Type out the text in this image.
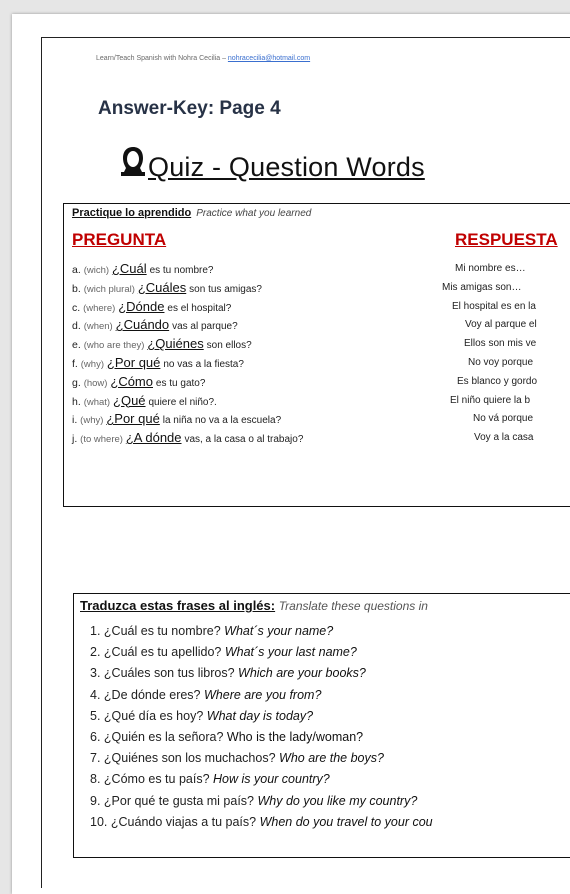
Learn/Teach Spanish with Nohra Cecilia – nohracecilia@hotmail.com
Answer-Key: Page 4
Quiz - Question Words
Practique lo aprendido Practice what you learned
PREGUNTA	RESPUESTA
a. (wich) ¿Cuál es tu nombre?	Mi nombre es…
b. (wich plural) ¿Cuáles son tus amigas?	Mis amigas son…
c. (where) ¿Dónde es el hospital?	El hospital es en la
d. (when) ¿Cuándo vas al parque?	Voy al parque el
e. (who are they) ¿Quiénes son ellos?	Ellos son mis ve
f. (why) ¿Por qué no vas a la fiesta?	No voy porque
g. (how) ¿Cómo es tu gato?	Es blanco y gordo
h. (what) ¿Qué quiere el niño?.	El niño quiere la b
i. (why) ¿Por qué la niña no va a la escuela?	No vá porque
j. (to where) ¿A dónde vas, a la casa o al trabajo?	Voy a la casa
Traduzca estas frases al inglés: Translate these questions in
1. ¿Cuál es tu nombre? What´s your name?
2. ¿Cuál es tu apellido? What´s your last name?
3. ¿Cuáles son tus libros? Which are your books?
4. ¿De dónde eres? Where are you from?
5. ¿Qué día es hoy? What day is today?
6. ¿Quién es la señora? Who is the lady/woman?
7. ¿Quiénes son los muchachos? Who are the boys?
8. ¿Cómo es tu país? How is your country?
9. ¿Por qué te gusta mi país? Why do you like my country?
10. ¿Cuándo viajas a tu país? When do you travel to your cou
